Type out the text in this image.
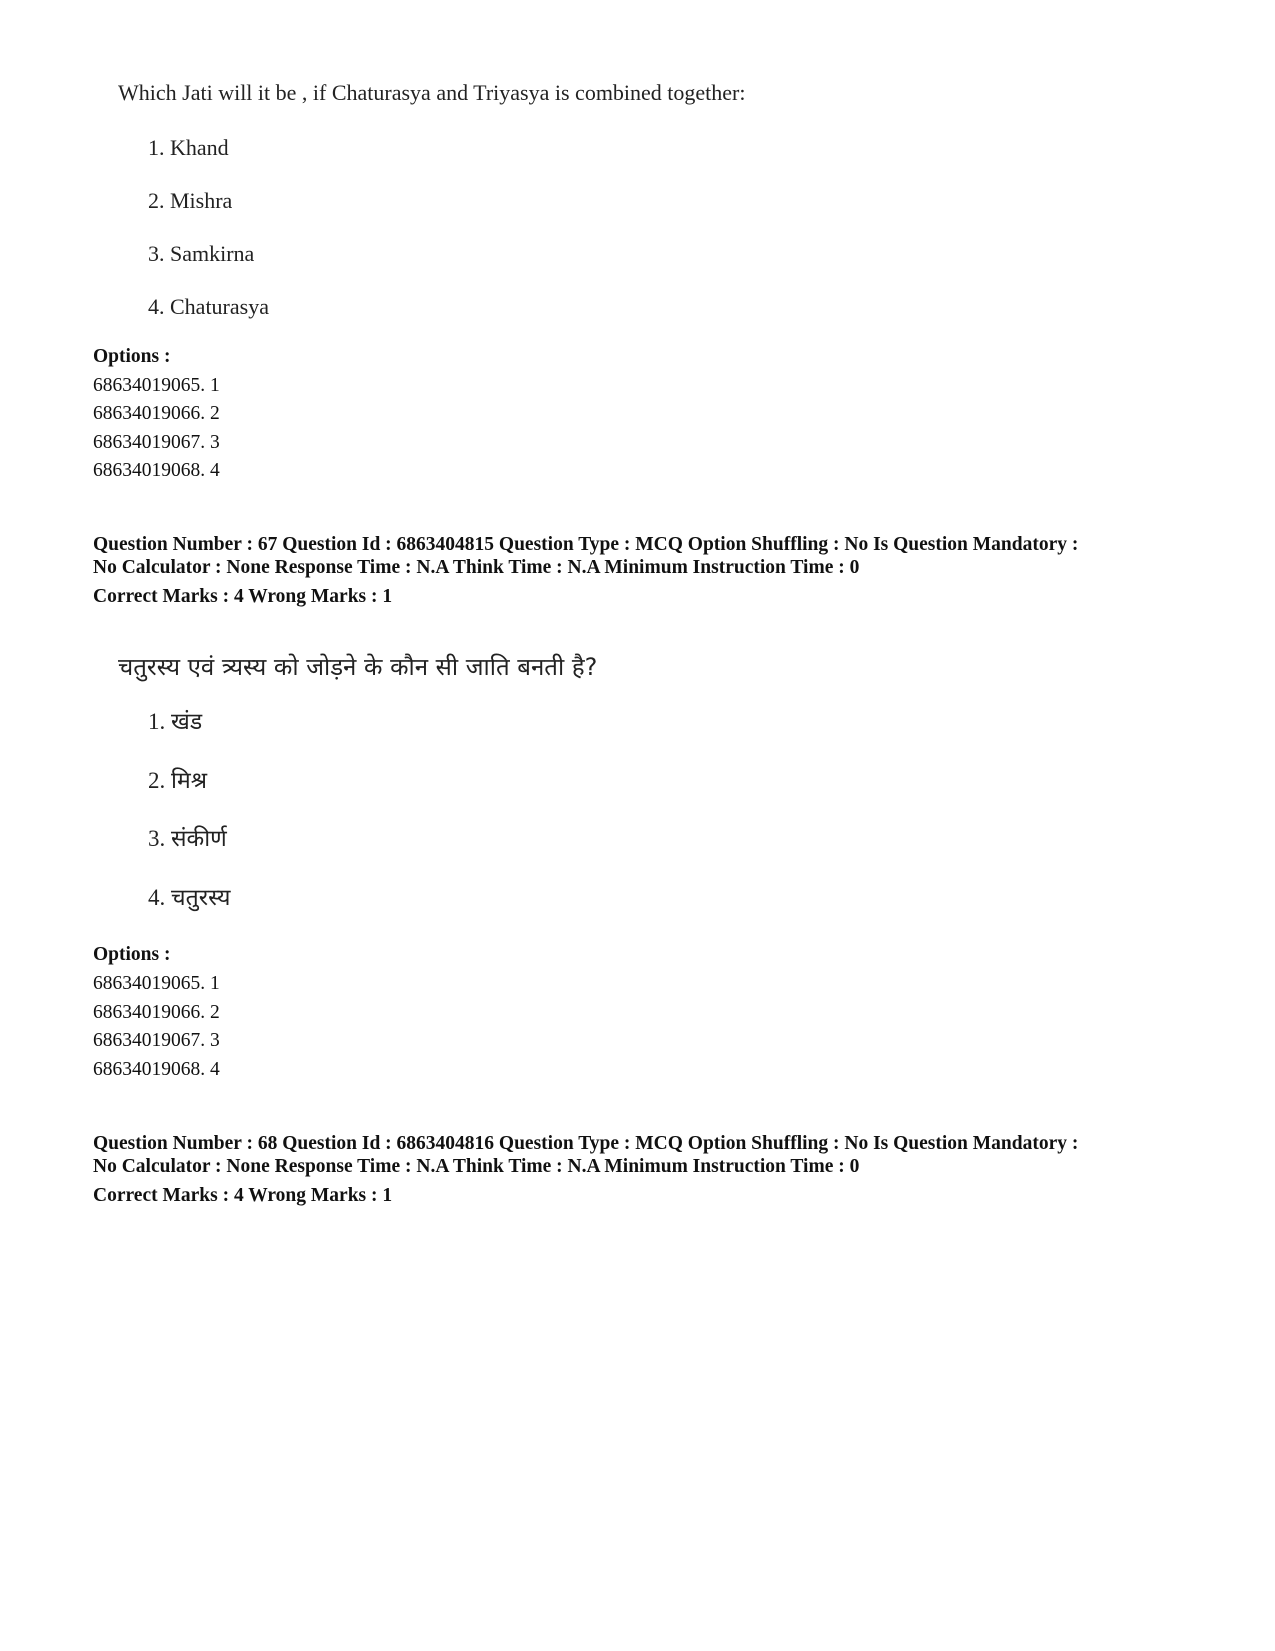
Which Jati will it be , if Chaturasya and Triyasya is combined together:

1. Khand
2. Mishra
3. Samkirna
4. Chaturasya
Options :
68634019065. 1
68634019066. 2
68634019067. 3
68634019068. 4
Question Number : 67 Question Id : 6863404815 Question Type : MCQ Option Shuffling : No Is Question Mandatory :
No Calculator : None Response Time : N.A Think Time : N.A Minimum Instruction Time : 0
Correct Marks : 4 Wrong Marks : 1
चतुरस्य एवं त्र्यस्य को जोड़ने के कौन सी जाति बनती है?
1. खंड
2. मिश्र
3. संकीर्ण
4. चतुरस्य
Options :
68634019065. 1
68634019066. 2
68634019067. 3
68634019068. 4
Question Number : 68 Question Id : 6863404816 Question Type : MCQ Option Shuffling : No Is Question Mandatory :
No Calculator : None Response Time : N.A Think Time : N.A Minimum Instruction Time : 0
Correct Marks : 4 Wrong Marks : 1
